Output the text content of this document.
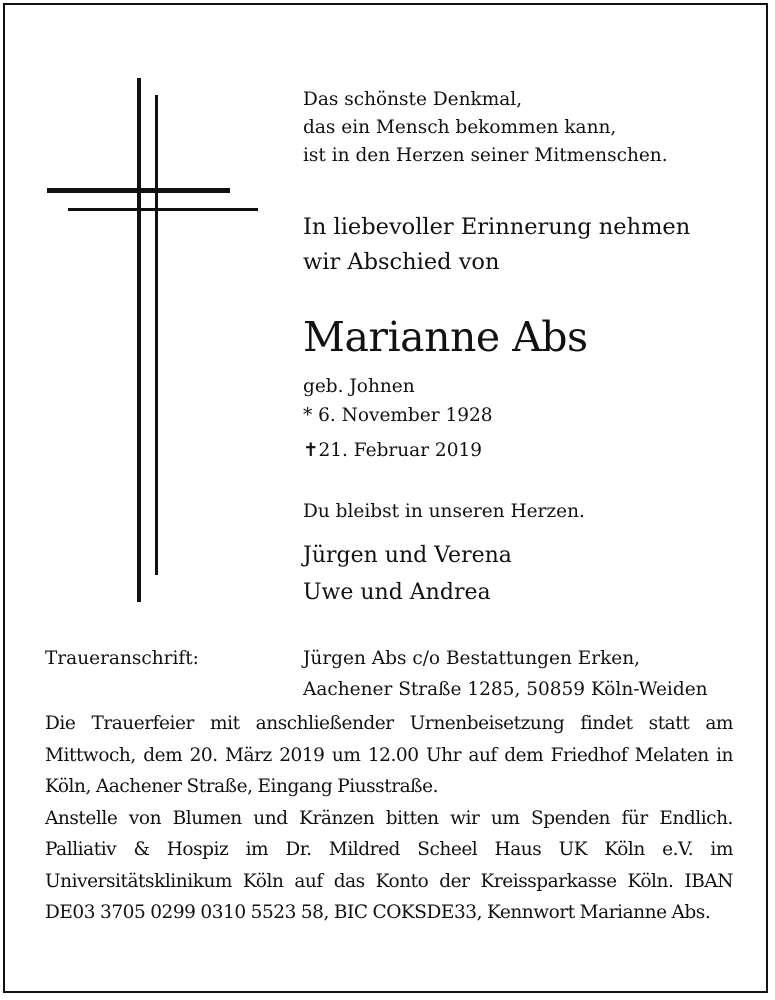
Das schönste Denkmal,
das ein Mensch bekommen kann,
ist in den Herzen seiner Mitmenschen.
In liebevoller Erinnerung nehmen
wir Abschied von
Marianne Abs
geb. Johnen
* 6. November 1928
✝21. Februar 2019
Du bleibst in unseren Herzen.
Jürgen und Verena
Uwe und Andrea
Traueranschrift:	Jürgen Abs c/o Bestattungen Erken,
Aachener Straße 1285, 50859 Köln-Weiden

Die Trauerfeier mit anschließender Urnenbeisetzung findet statt am Mittwoch, dem 20. März 2019 um 12.00 Uhr auf dem Friedhof Melaten in Köln, Aachener Straße, Eingang Piusstraße.

Anstelle von Blumen und Kränzen bitten wir um Spenden für Endlich. Palliativ & Hospiz im Dr. Mildred Scheel Haus UK Köln e.V. im Universitätsklinikum Köln auf das Konto der Kreissparkasse Köln. IBAN DE03 3705 0299 0310 5523 58, BIC COKSDE33, Kennwort Marianne Abs.
